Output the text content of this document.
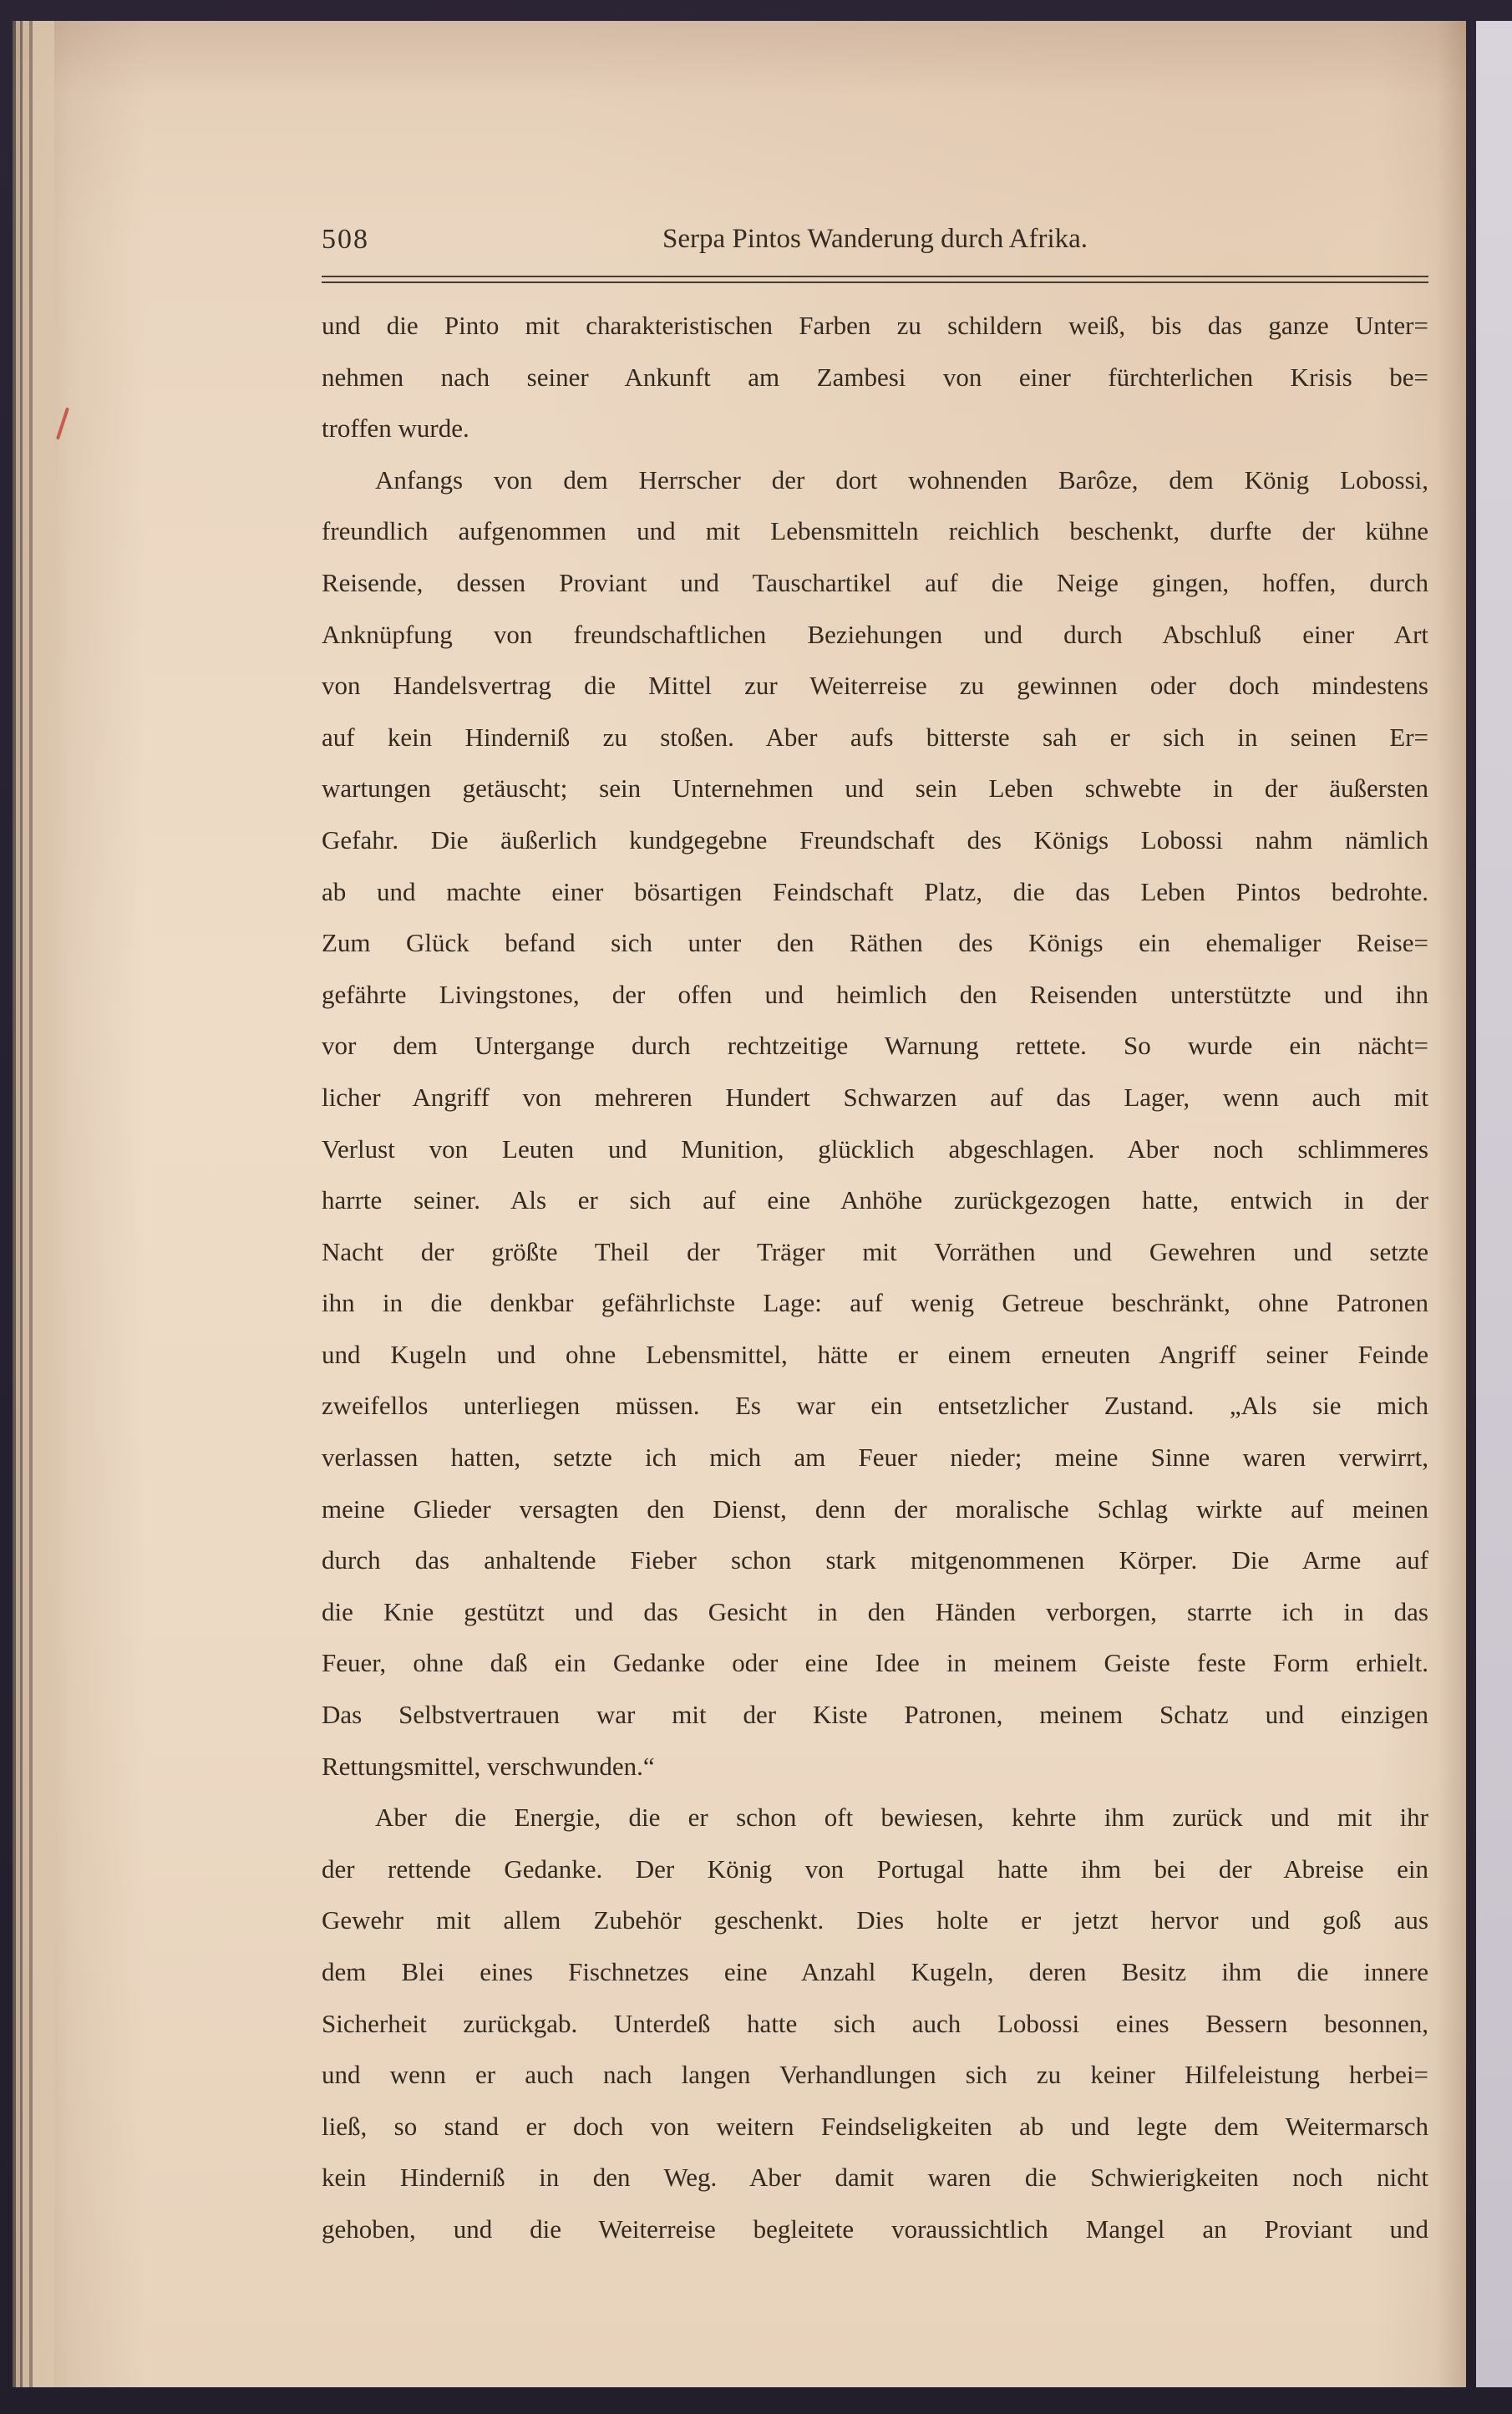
508	Serpa Pintos Wanderung durch Afrika.
und die Pinto mit charakteristischen Farben zu schildern weiß, bis das ganze Unter=
nehmen nach seiner Ankunft am Zambesi von einer fürchterlichen Krisis be=
troffen wurde.
Anfangs von dem Herrscher der dort wohnenden Barôze, dem König Lobossi,
freundlich aufgenommen und mit Lebensmitteln reichlich beschenkt, durfte der kühne
Reisende, dessen Proviant und Tauschartikel auf die Neige gingen, hoffen, durch
Anknüpfung von freundschaftlichen Beziehungen und durch Abschluß einer Art
von Handelsvertrag die Mittel zur Weiterreise zu gewinnen oder doch mindestens
auf kein Hinderniß zu stoßen. Aber aufs bitterste sah er sich in seinen Er=
wartungen getäuscht; sein Unternehmen und sein Leben schwebte in der äußersten
Gefahr. Die äußerlich kundgegebne Freundschaft des Königs Lobossi nahm nämlich
ab und machte einer bösartigen Feindschaft Platz, die das Leben Pintos bedrohte.
Zum Glück befand sich unter den Räthen des Königs ein ehemaliger Reise=
gefährte Livingstones, der offen und heimlich den Reisenden unterstützte und ihn
vor dem Untergange durch rechtzeitige Warnung rettete. So wurde ein nächt=
licher Angriff von mehreren Hundert Schwarzen auf das Lager, wenn auch mit
Verlust von Leuten und Munition, glücklich abgeschlagen. Aber noch schlimmeres
harrte seiner. Als er sich auf eine Anhöhe zurückgezogen hatte, entwich in der
Nacht der größte Theil der Träger mit Vorräthen und Gewehren und setzte
ihn in die denkbar gefährlichste Lage: auf wenig Getreue beschränkt, ohne Patronen
und Kugeln und ohne Lebensmittel, hätte er einem erneuten Angriff seiner Feinde
zweifellos unterliegen müssen. Es war ein entsetzlicher Zustand. „Als sie mich
verlassen hatten, setzte ich mich am Feuer nieder; meine Sinne waren verwirrt,
meine Glieder versagten den Dienst, denn der moralische Schlag wirkte auf meinen
durch das anhaltende Fieber schon stark mitgenommenen Körper. Die Arme auf
die Knie gestützt und das Gesicht in den Händen verborgen, starrte ich in das
Feuer, ohne daß ein Gedanke oder eine Idee in meinem Geiste feste Form erhielt.
Das Selbstvertrauen war mit der Kiste Patronen, meinem Schatz und einzigen
Rettungsmittel, verschwunden.“
Aber die Energie, die er schon oft bewiesen, kehrte ihm zurück und mit ihr
der rettende Gedanke. Der König von Portugal hatte ihm bei der Abreise ein
Gewehr mit allem Zubehör geschenkt. Dies holte er jetzt hervor und goß aus
dem Blei eines Fischnetzes eine Anzahl Kugeln, deren Besitz ihm die innere
Sicherheit zurückgab. Unterdeß hatte sich auch Lobossi eines Bessern besonnen,
und wenn er auch nach langen Verhandlungen sich zu keiner Hilfeleistung herbei=
ließ, so stand er doch von weitern Feindseligkeiten ab und legte dem Weitermarsch
kein Hinderniß in den Weg. Aber damit waren die Schwierigkeiten noch nicht
gehoben, und die Weiterreise begleitete voraussichtlich Mangel an Proviant und
